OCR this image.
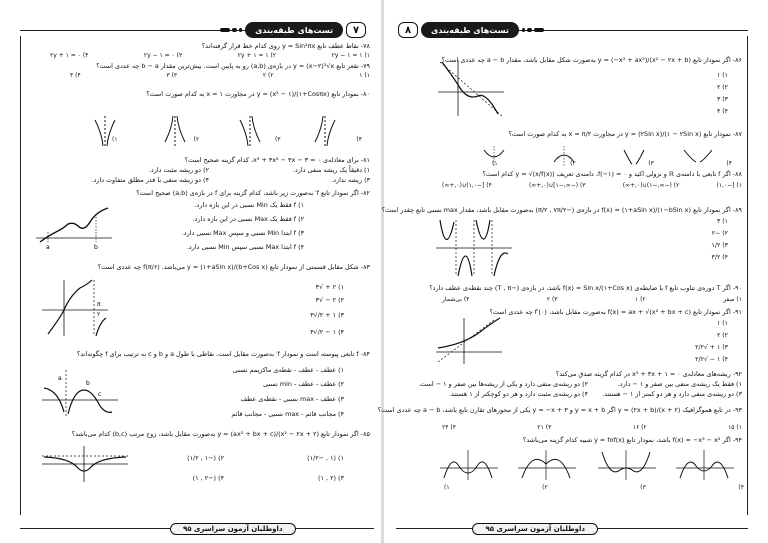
تست‌های طبقه‌بندی	۷
۷۸- نقاط عطف تابع y = Sin²πx روی کدام خط قرار گرفته‌اند؟
۱) ۱ = ۲y − ۱
۲) ۱ = ۲y + ۱
۳) ۲y − ۱ = ۰
۴) ۲y + ۱ = ۰
۷۹- تقعر تابع y = (x−۲)³√x در بازه‌ی (a,b) رو به پایین است. بیش‌ترین مقدار b − a چه عددی است؟
۱) ۱
۲) ۲
۳) ۳
۴) ۴
۸۰- نمودار تابع y = (x² − ۱)/(۱+Cosπx) در مجاورت x = ۱ به کدام صورت است؟
۴)
۳)
۲)
۱)
۸۱- برای معادله‌ی x³ + ۳x² − ۳x − ۳ = ۰، کدام گزینه صحیح است؟
۱) دقیقاً یک ریشه منفی دارد.
۲) دو ریشه مثبت دارد.
۳) ریشه ندارد.
۴) دو ریشه منفی با قدر مطلق متفاوت دارد.
۸۲- اگر نمودار تابع f′ به‌صورت زیر باشد، کدام گزینه برای f در بازه‌ی (a,b) صحیح است؟
a	b
۱) f فقط یک Min نسبی در این بازه دارد.
۲) f فقط یک Max نسبی در این بازه دارد.
۳) f ابتدا Min نسبی و سپس Max نسبی دارد.
۴) f ابتدا Max نسبی سپس Min نسبی دارد.
۸۳- شکل مقابل قسمتی از نمودار تابع y = (۱+aSin x)/(b+Cos x) می‌باشد. f(π/۶) چه عددی است؟
π
۲
۱) ۲ + √۳
۲) ۲ − √۳
۳) ۱ + ۲/√۳
۴) ۱ − ۲/√۳
۸۴- f تابعی پیوسته است و نمودار f′ به‌صورت مقابل است. نقاطی با طول a و b و c به ترتیب برای f چگونه‌اند؟
a
b
c
۱) عطف - عطف - نقطه‌ی ماکزیمم نسبی
۲) عطف - عطف - min نسبی
۳) عطف - max نسبی - نقطه‌ی عطف
۴) مجانب قائم - max نسبی - مجانب قائم
۸۵- اگر نمودار تابع y = (ax² + bx + c)/(x² − ۲x + ۲) به‌صورت مقابل باشد، زوج مرتب (b,c) کدام می‌باشد؟
۱) (۱ , −۱/۲)
۲) (−۱ , ۱/۲)
۳) (۲ , ۱)
۴) (−۲ , ۱)
داوطلبان آزمون سراسری ۹۵
۸	تست‌های طبقه‌بندی
۸۶- اگر نمودار تابع y = (−x³ + ax²)/(x² − ۲x + b) به‌صورت شکل مقابل باشد، مقدار a − b چه عددی است؟
۱) ۱
۲) ۲
۳) ۳
۴) ۴
۸۷- نمودار تابع y = (۲Sin x)/(۱ − ۲Sin x) در مجاورت x = π/۲ به کدام صورت است؟
۴)
۳)
۲)
۱)
۸۸- اگر f تابعی با دامنه‌ی ℝ و نزولی اکید و f(−۱) = ۰، دامنه‌ی تعریف y = √(x/f(x)) کدام است؟
۱) [−۱,۰)
۲) (−∞,−۱)∪(۰,+∞)
۳) (−∞,−۱]∪(۰,+∞)
۴) [−۱,۰)∪(۰,+∞)
۸۹- اگر نمودار تابع f(x) = (۱+aSin x)/(۱−bSin x) در بازه‌ی (−π/۲ , ۷π/۲) به‌صورت مقابل باشد، مقدار max نسبی تابع چقدر است؟
۱) ۳
۲) −۲
۳) ۱/۲
۴) ۳/۲
۹۰- اگر T دوره‌ی تناوب تابع f با ضابطه‌ی f(x) = Sin x/(۱+Cos x) باشد، در بازه‌ی (−T , π) چند نقطه‌ی عطف دارد؟
۱) صفر
۲) ۱
۳) ۲
۴) بی‌شمار
۹۱- اگر نمودار تابع f(x) = ax + √(x² + bx + c) به‌صورت مقابل باشد، f′(۰) چه عددی است؟
۱) ۱
۲) ۲
۳) ۱ + √۲/۲
۴) ۱ − √۲/۲
۹۲- ریشه‌های معادله‌ی x³ + ۳x + ۱ = ۰ در کدام گزینه صدق می‌کند؟
۱) فقط یک ریشه‌ی منفی بین صفر و ۱ − دارد.
۲) دو ریشه‌ی منفی دارد و یکی از ریشه‌ها بین صفر و ۱ − است.
۳) دو ریشه‌ی منفی دارد و هر دو کمتر از ۱ − هستند.
۴) دو ریشه‌ی مثبت دارد و هر دو کوچکتر از ۱ هستند.
۹۳- در تابع هموگرافیک y = (۲x + b)/(x + ۲) اگر y = x + b و y = −x + ۳ یکی از محورهای تقارن تابع باشد، a − b چه عددی است؟
۱) ۱۵
۲) ۱۶
۳) ۲۱
۴) ۲۴
۹۴- اگر f(x) = −x³ − x² باشد، نمودار تابع y = fof(x) شبیه کدام گزینه می‌باشد؟
۴)
۳)
۲)
۱)
داوطلبان آزمون سراسری ۹۵
